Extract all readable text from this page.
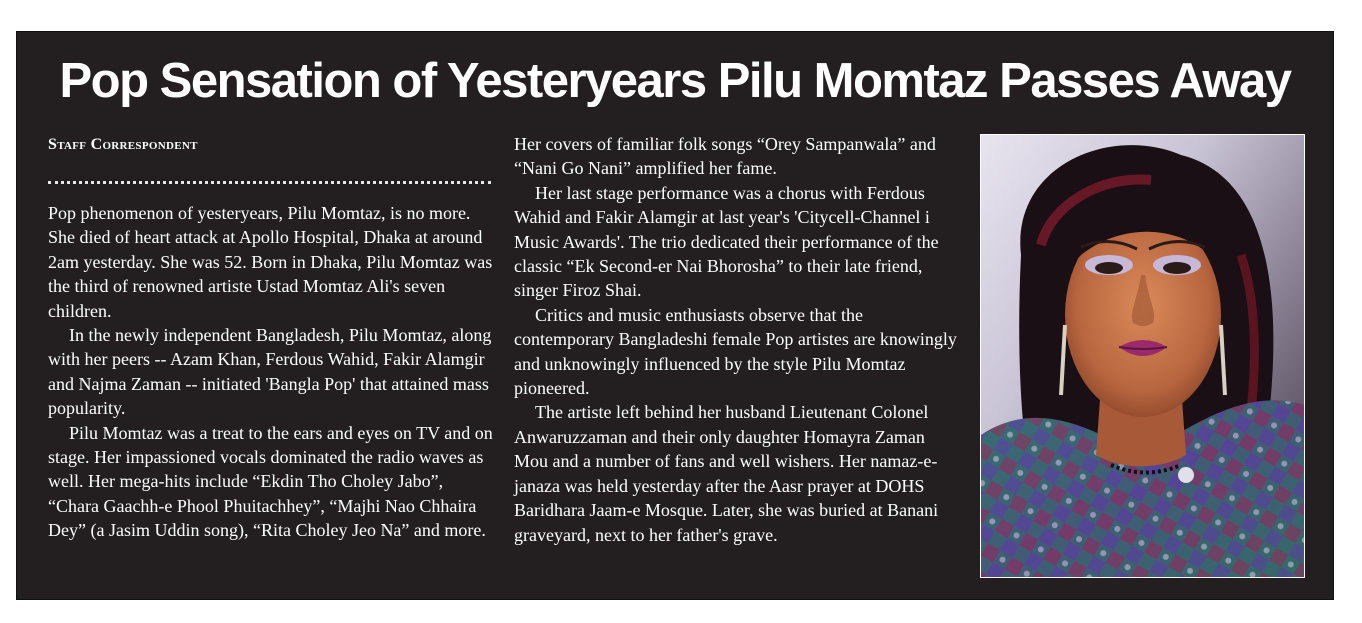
Pop Sensation of Yesteryears Pilu Momtaz Passes Away
Staff Correspondent

Pop phenomenon of yesteryears, Pilu Momtaz, is no more. She died of heart attack at Apollo Hospital, Dhaka at around 2am yesterday. She was 52. Born in Dhaka, Pilu Momtaz was the third of renowned artiste Ustad Momtaz Ali's seven children.

In the newly independent Bangladesh, Pilu Momtaz, along with her peers -- Azam Khan, Ferdous Wahid, Fakir Alamgir and Najma Zaman -- initiated 'Bangla Pop' that attained mass popularity.

Pilu Momtaz was a treat to the ears and eyes on TV and on stage. Her impassioned vocals dominated the radio waves as well. Her mega-hits include “Ekdin Tho Choley Jabo”, “Chara Gaachh-e Phool Phuitachhey”, “Majhi Nao Chhaira Dey” (a Jasim Uddin song), “Rita Choley Jeo Na” and more.

Her covers of familiar folk songs “Orey Sampanwala” and “Nani Go Nani” amplified her fame.

Her last stage performance was a chorus with Ferdous Wahid and Fakir Alamgir at last year's 'Citycell-Channel i Music Awards'. The trio dedicated their performance of the classic “Ek Second-er Nai Bhorosha” to their late friend, singer Firoz Shai.

Critics and music enthusiasts observe that the contemporary Bangladeshi female Pop artistes are knowingly and unknowingly influenced by the style Pilu Momtaz pioneered.

The artiste left behind her husband Lieutenant Colonel Anwaruzzaman and their only daughter Homayra Zaman Mou and a number of fans and well wishers. Her namaz-e-janaza was held yesterday after the Aasr prayer at DOHS Baridhara Jaam-e Mosque. Later, she was buried at Banani graveyard, next to her father's grave.
